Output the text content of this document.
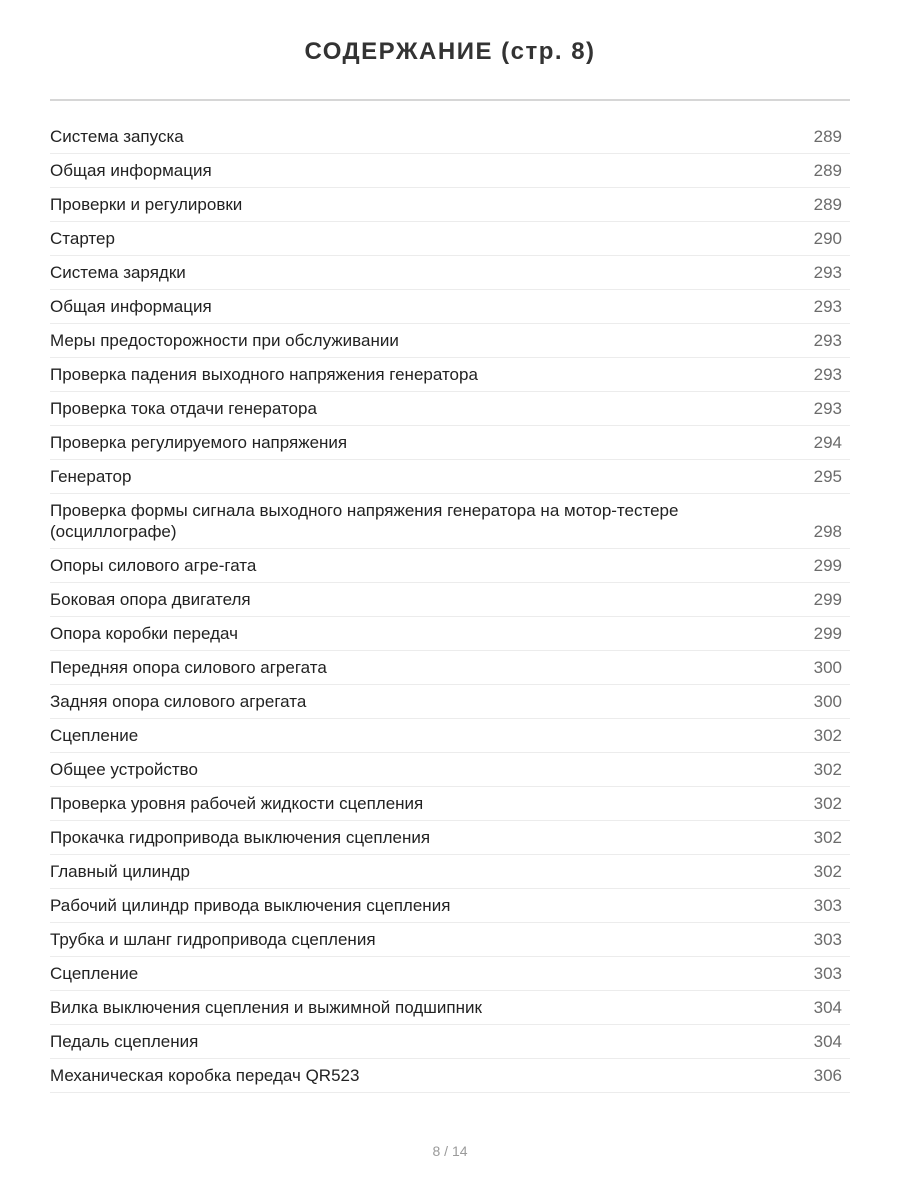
СОДЕРЖАНИЕ (стр. 8)
Система запуска	289
Общая информация	289
Проверки и регулировки	289
Стартер	290
Система зарядки	293
Общая информация	293
Меры предосторожности при обслуживании	293
Проверка падения выходного напряжения генератора	293
Проверка тока отдачи генератора	293
Проверка регулируемого напряжения	294
Генератор	295
Проверка формы сигнала выходного напряжения генератора на мотор-тестере (осциллографе)	298
Опоры силового агре-гата	299
Боковая опора двигателя	299
Опора коробки передач	299
Передняя опора силового агрегата	300
Задняя опора силового агрегата	300
Сцепление	302
Общее устройство	302
Проверка уровня рабочей жидкости сцепления	302
Прокачка гидропривода выключения сцепления	302
Главный цилиндр	302
Рабочий цилиндр привода выключения сцепления	303
Трубка и шланг гидропривода сцепления	303
Сцепление	303
Вилка выключения сцепления и выжимной подшипник	304
Педаль сцепления	304
Механическая коробка передач QR523	306
8 / 14
